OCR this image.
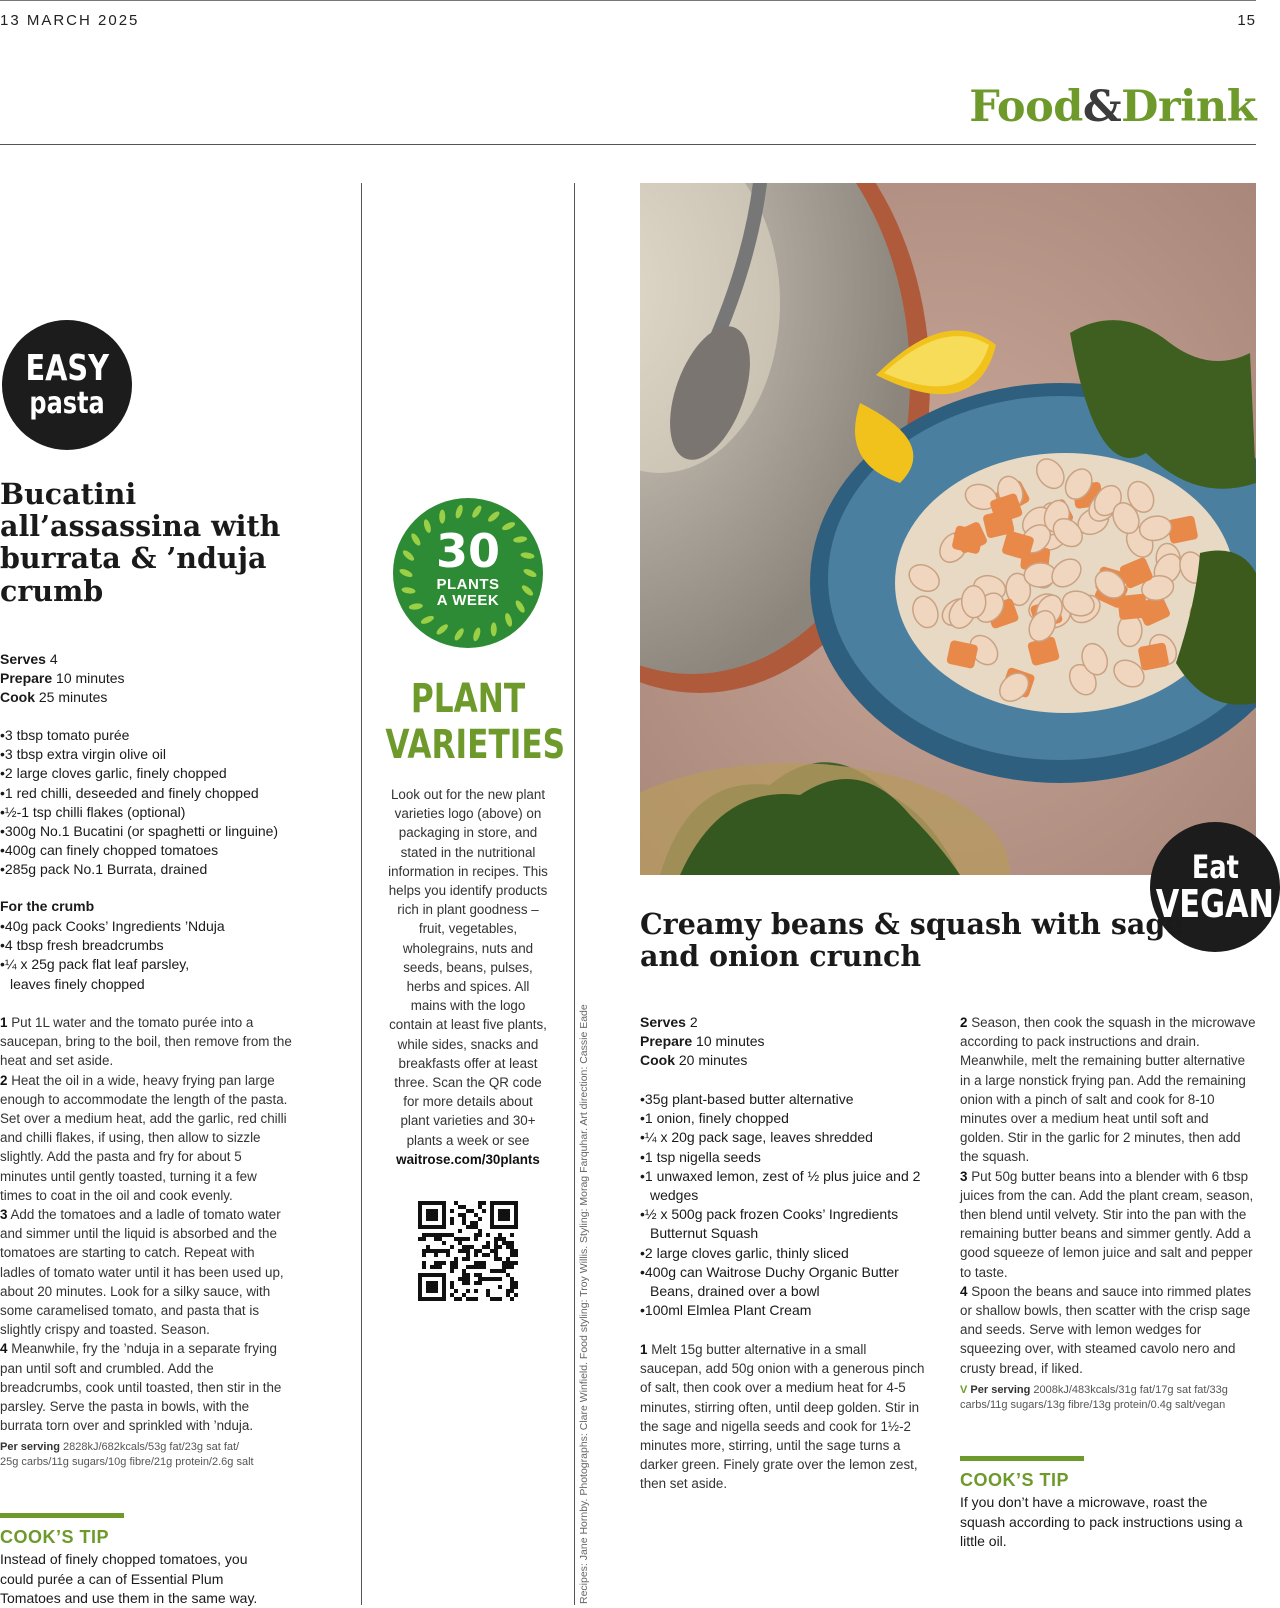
13 MARCH 2025	15
Food&Drink
EASY
pasta
Bucatini all’assassina with burrata & ’nduja crumb
Serves 4
Prepare 10 minutes
Cook 25 minutes
• 3 tbsp tomato purée
• 3 tbsp extra virgin olive oil
• 2 large cloves garlic, finely chopped
• 1 red chilli, deseeded and finely chopped
• ½-1 tsp chilli flakes (optional)
• 300g No.1 Bucatini (or spaghetti or linguine)
• 400g can finely chopped tomatoes
• 285g pack No.1 Burrata, drained
For the crumb
• 40g pack Cooks’ Ingredients ’Nduja
• 4 tbsp fresh breadcrumbs
• ¼ x 25g pack flat leaf parsley, leaves finely chopped

1 Put 1L water and the tomato purée into a saucepan, bring to the boil, then remove from the heat and set aside.

2 Heat the oil in a wide, heavy frying pan large enough to accommodate the length of the pasta. Set over a medium heat, add the garlic, red chilli and chilli flakes, if using, then allow to sizzle slightly. Add the pasta and fry for about 5 minutes until gently toasted, turning it a few times to coat in the oil and cook evenly.

3 Add the tomatoes and a ladle of tomato water and simmer until the liquid is absorbed and the tomatoes are starting to catch. Repeat with ladles of tomato water until it has been used up, about 20 minutes. Look for a silky sauce, with some caramelised tomato, and pasta that is slightly crispy and toasted. Season.

4 Meanwhile, fry the ’nduja in a separate frying pan until soft and crumbled. Add the breadcrumbs, cook until toasted, then stir in the parsley. Serve the pasta in bowls, with the burrata torn over and sprinkled with ’nduja.

Per serving 2828kJ/682kcals/53g fat/23g sat fat/ 25g carbs/11g sugars/10g fibre/21g protein/2.6g salt
COOK’S TIP
Instead of finely chopped tomatoes, you could purée a can of Essential Plum Tomatoes and use them in the same way.
30
PLANTS
A WEEK
PLANT
VARIETIES
Look out for the new plant varieties logo (above) on packaging in store, and stated in the nutritional information in recipes. This helps you identify products rich in plant goodness – fruit, vegetables, wholegrains, nuts and seeds, beans, pulses, herbs and spices. All mains with the logo contain at least five plants, while sides, snacks and breakfasts offer at least three. Scan the QR code for more details about plant varieties and 30+ plants a week or see waitrose.com/30plants	Recipes: Jane Hornby. Photographs: Clare Winfield. Food styling: Troy Willis. Styling: Morag Farquhar. Art direction: Cassie Eade
Eat
VEGAN
Creamy beans & squash with sage and onion crunch
Serves 2
Prepare 10 minutes
Cook 20 minutes
• 35g plant-based butter alternative
• 1 onion, finely chopped
• ¼ x 20g pack sage, leaves shredded
• 1 tsp nigella seeds
• 1 unwaxed lemon, zest of ½ plus juice and 2 wedges
• ½ x 500g pack frozen Cooks’ Ingredients Butternut Squash
• 2 large cloves garlic, thinly sliced
• 400g can Waitrose Duchy Organic Butter Beans, drained over a bowl
• 100ml Elmlea Plant Cream

1 Melt 15g butter alternative in a small saucepan, add 50g onion with a generous pinch of salt, then cook over a medium heat for 4-5 minutes, stirring often, until deep golden. Stir in the sage and nigella seeds and cook for 1½-2 minutes more, stirring, until the sage turns a darker green. Finely grate over the lemon zest, then set aside.

2 Season, then cook the squash in the microwave according to pack instructions and drain. Meanwhile, melt the remaining butter alternative in a large nonstick frying pan. Add the remaining onion with a pinch of salt and cook for 8-10 minutes over a medium heat until soft and golden. Stir in the garlic for 2 minutes, then add the squash.

3 Put 50g butter beans into a blender with 6 tbsp juices from the can. Add the plant cream, season, then blend until velvety. Stir into the pan with the remaining butter beans and simmer gently. Add a good squeeze of lemon juice and salt and pepper to taste.

4 Spoon the beans and sauce into rimmed plates or shallow bowls, then scatter with the crisp sage and seeds. Serve with lemon wedges for squeezing over, with steamed cavolo nero and crusty bread, if liked.

V Per serving 2008kJ/483kcals/31g fat/17g sat fat/33g carbs/11g sugars/13g fibre/13g protein/0.4g salt/vegan
COOK’S TIP
If you don’t have a microwave, roast the squash according to pack instructions using a little oil.
